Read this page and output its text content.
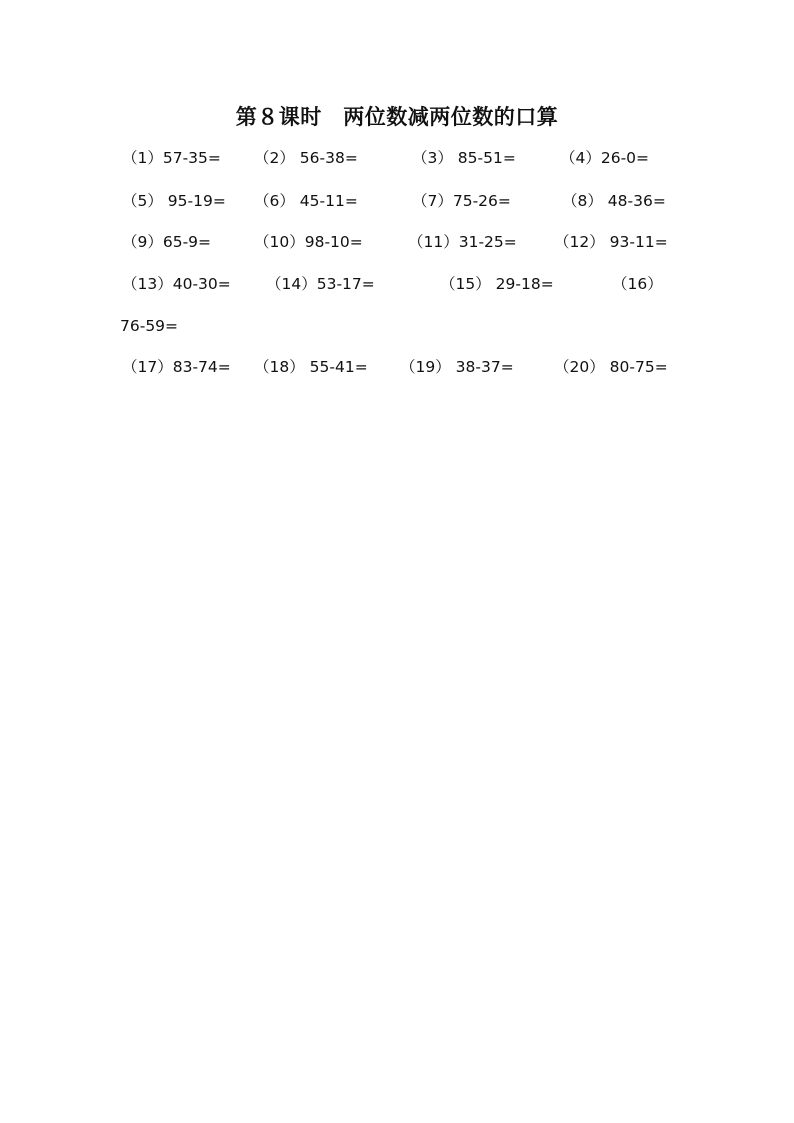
第８课时　两位数减两位数的口算
（1）57-35= （2） 56-38=	（3） 85-51=	（4）26-0=
（5） 95-19= （6） 45-11=	（7）75-26=	（8） 48-36=
（9）65-9=	（10）98-10=	（11）31-25= （12） 93-11=
（13）40-30= （14）53-17=	（15） 29-18=	（16）
76-59=
（17）83-74= （18） 55-41= （19） 38-37=	（20） 80-75=
